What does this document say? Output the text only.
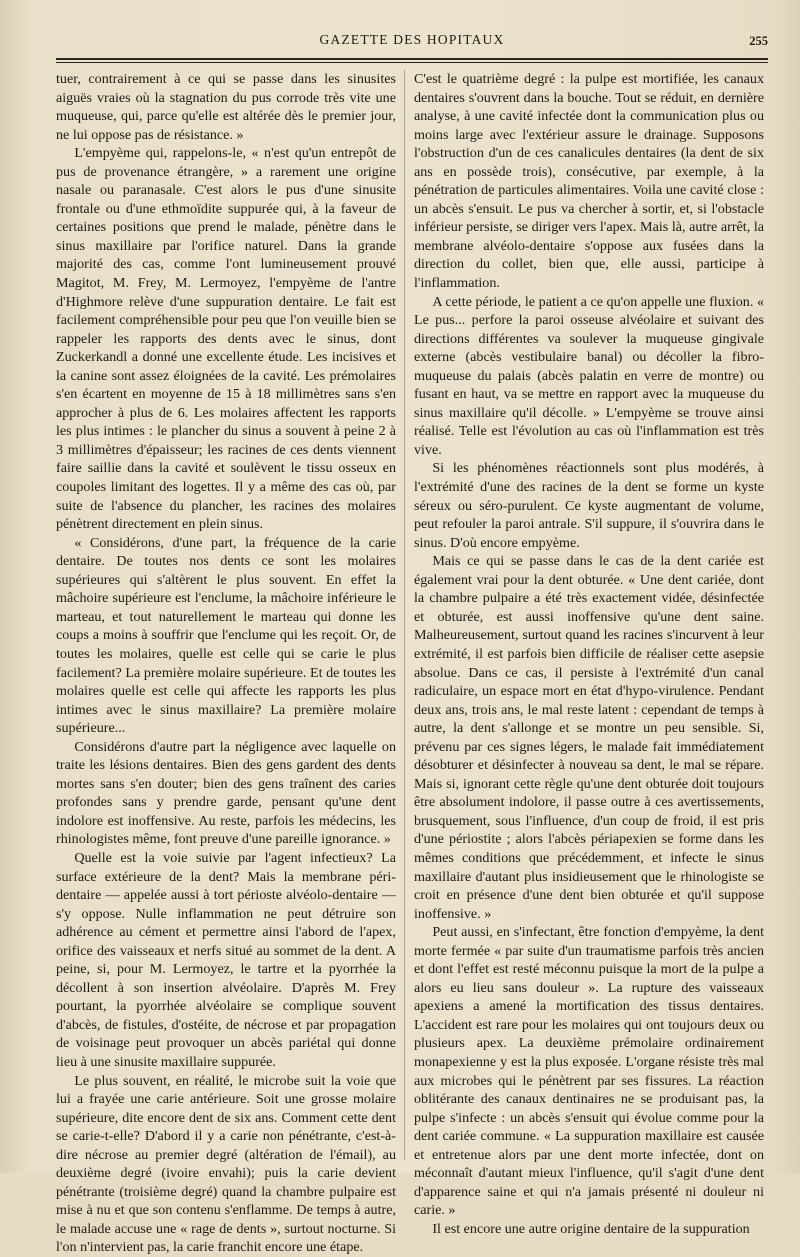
GAZETTE DES HOPITAUX	255

tuer, contrairement à ce qui se passe dans les sinusites aiguës vraies où la stagnation du pus corrode très vite une muqueuse, qui, parce qu'elle est altérée dès le premier jour, ne lui oppose pas de résistance. »

L'empyème qui, rappelons-le, « n'est qu'un entrepôt de pus de provenance étrangère, » a rarement une origine nasale ou paranasale. C'est alors le pus d'une sinusite frontale ou d'une ethmoïdite suppurée qui, à la faveur de certaines positions que prend le malade, pénètre dans le sinus maxillaire par l'orifice naturel. Dans la grande majorité des cas, comme l'ont lumineusement prouvé Magitot, M. Frey, M. Lermoyez, l'empyème de l'antre d'Highmore relève d'une suppuration dentaire. Le fait est facilement compréhensible pour peu que l'on veuille bien se rappeler les rapports des dents avec le sinus, dont Zuckerkandl a donné une excellente étude. Les incisives et la canine sont assez éloignées de la cavité. Les prémolaires s'en écartent en moyenne de 15 à 18 millimètres sans s'en approcher à plus de 6. Les molaires affectent les rapports les plus intimes : le plancher du sinus a souvent à peine 2 à 3 millimètres d'épaisseur; les racines de ces dents viennent faire saillie dans la cavité et soulèvent le tissu osseux en coupoles limitant des logettes. Il y a même des cas où, par suite de l'absence du plancher, les racines des molaires pénètrent directement en plein sinus.

« Considérons, d'une part, la fréquence de la carie dentaire. De toutes nos dents ce sont les molaires supérieures qui s'altèrent le plus souvent. En effet la mâchoire supérieure est l'enclume, la mâchoire inférieure le marteau, et tout naturellement le marteau qui donne les coups a moins à souffrir que l'enclume qui les reçoit. Or, de toutes les molaires, quelle est celle qui se carie le plus facilement? La première molaire supérieure. Et de toutes les molaires quelle est celle qui affecte les rapports les plus intimes avec le sinus maxillaire? La première molaire supérieure...

Considérons d'autre part la négligence avec laquelle on traite les lésions dentaires. Bien des gens gardent des dents mortes sans s'en douter; bien des gens traînent des caries profondes sans y prendre garde, pensant qu'une dent indolore est inoffensive. Au reste, parfois les médecins, les rhinologistes même, font preuve d'une pareille ignorance. »

Quelle est la voie suivie par l'agent infectieux? La surface extérieure de la dent? Mais la membrane péri-dentaire — appelée aussi à tort périoste alvéolo-dentaire — s'y oppose. Nulle inflammation ne peut détruire son adhérence au cément et permettre ainsi l'abord de l'apex, orifice des vaisseaux et nerfs situé au sommet de la dent. A peine, si, pour M. Lermoyez, le tartre et la pyorrhée la décollent à son insertion alvéolaire. D'après M. Frey pourtant, la pyorrhée alvéolaire se complique souvent d'abcès, de fistules, d'ostéite, de nécrose et par propagation de voisinage peut provoquer un abcès pariétal qui donne lieu à une sinusite maxillaire suppurée.

Le plus souvent, en réalité, le microbe suit la voie que lui a frayée une carie antérieure. Soit une grosse molaire supérieure, dite encore dent de six ans. Comment cette dent se carie-t-elle? D'abord il y a carie non pénétrante, c'est-à-dire nécrose au premier degré (altération de l'émail), au deuxième degré (ivoire envahi); puis la carie devient pénétrante (troisième degré) quand la chambre pulpaire est mise à nu et que son contenu s'enflamme. De temps à autre, le malade accuse une « rage de dents », surtout nocturne. Si l'on n'intervient pas, la carie franchit encore une étape.

C'est le quatrième degré : la pulpe est mortifiée, les canaux dentaires s'ouvrent dans la bouche. Tout se réduit, en dernière analyse, à une cavité infectée dont la communication plus ou moins large avec l'extérieur assure le drainage. Supposons l'obstruction d'un de ces canalicules dentaires (la dent de six ans en possède trois), consécutive, par exemple, à la pénétration de particules alimentaires. Voila une cavité close : un abcès s'ensuit. Le pus va chercher à sortir, et, si l'obstacle inférieur persiste, se diriger vers l'apex. Mais là, autre arrêt, la membrane alvéolo-dentaire s'oppose aux fusées dans la direction du collet, bien que, elle aussi, participe à l'inflammation.

A cette période, le patient a ce qu'on appelle une fluxion. « Le pus... perfore la paroi osseuse alvéolaire et suivant des directions différentes va soulever la muqueuse gingivale externe (abcès vestibulaire banal) ou décoller la fibro-muqueuse du palais (abcès palatin en verre de montre) ou fusant en haut, va se mettre en rapport avec la muqueuse du sinus maxillaire qu'il décolle. » L'empyème se trouve ainsi réalisé. Telle est l'évolution au cas où l'inflammation est très vive.

Si les phénomènes réactionnels sont plus modérés, à l'extrémité d'une des racines de la dent se forme un kyste séreux ou séro-purulent. Ce kyste augmentant de volume, peut refouler la paroi antrale. S'il suppure, il s'ouvrira dans le sinus. D'où encore empyème.

Mais ce qui se passe dans le cas de la dent cariée est également vrai pour la dent obturée. « Une dent cariée, dont la chambre pulpaire a été très exactement vidée, désinfectée et obturée, est aussi inoffensive qu'une dent saine. Malheureusement, surtout quand les racines s'incurvent à leur extrémité, il est parfois bien difficile de réaliser cette asepsie absolue. Dans ce cas, il persiste à l'extrémité d'un canal radiculaire, un espace mort en état d'hypo-virulence. Pendant deux ans, trois ans, le mal reste latent : cependant de temps à autre, la dent s'allonge et se montre un peu sensible. Si, prévenu par ces signes légers, le malade fait immédiatement désobturer et désinfecter à nouveau sa dent, le mal se répare. Mais si, ignorant cette règle qu'une dent obturée doit toujours être absolument indolore, il passe outre à ces avertissements, brusquement, sous l'influence, d'un coup de froid, il est pris d'une périostite ; alors l'abcès périapexien se forme dans les mêmes conditions que précédemment, et infecte le sinus maxillaire d'autant plus insidieusement que le rhinologiste se croit en présence d'une dent bien obturée et qu'il suppose inoffensive. »

Peut aussi, en s'infectant, être fonction d'empyème, la dent morte fermée « par suite d'un traumatisme parfois très ancien et dont l'effet est resté méconnu puisque la mort de la pulpe a alors eu lieu sans douleur ». La rupture des vaisseaux apexiens a amené la mortification des tissus dentaires. L'accident est rare pour les molaires qui ont toujours deux ou plusieurs apex. La deuxième prémolaire ordinairement monapexienne y est la plus exposée. L'organe résiste très mal aux microbes qui le pénètrent par ses fissures. La réaction oblitérante des canaux dentinaires ne se produisant pas, la pulpe s'infecte : un abcès s'ensuit qui évolue comme pour la dent cariée commune. « La suppuration maxillaire est causée et entretenue alors par une dent morte infectée, dont on méconnaît d'autant mieux l'influence, qu'il s'agit d'une dent d'apparence saine et qui n'a jamais présenté ni douleur ni carie. »

Il est encore une autre origine dentaire de la suppuration
